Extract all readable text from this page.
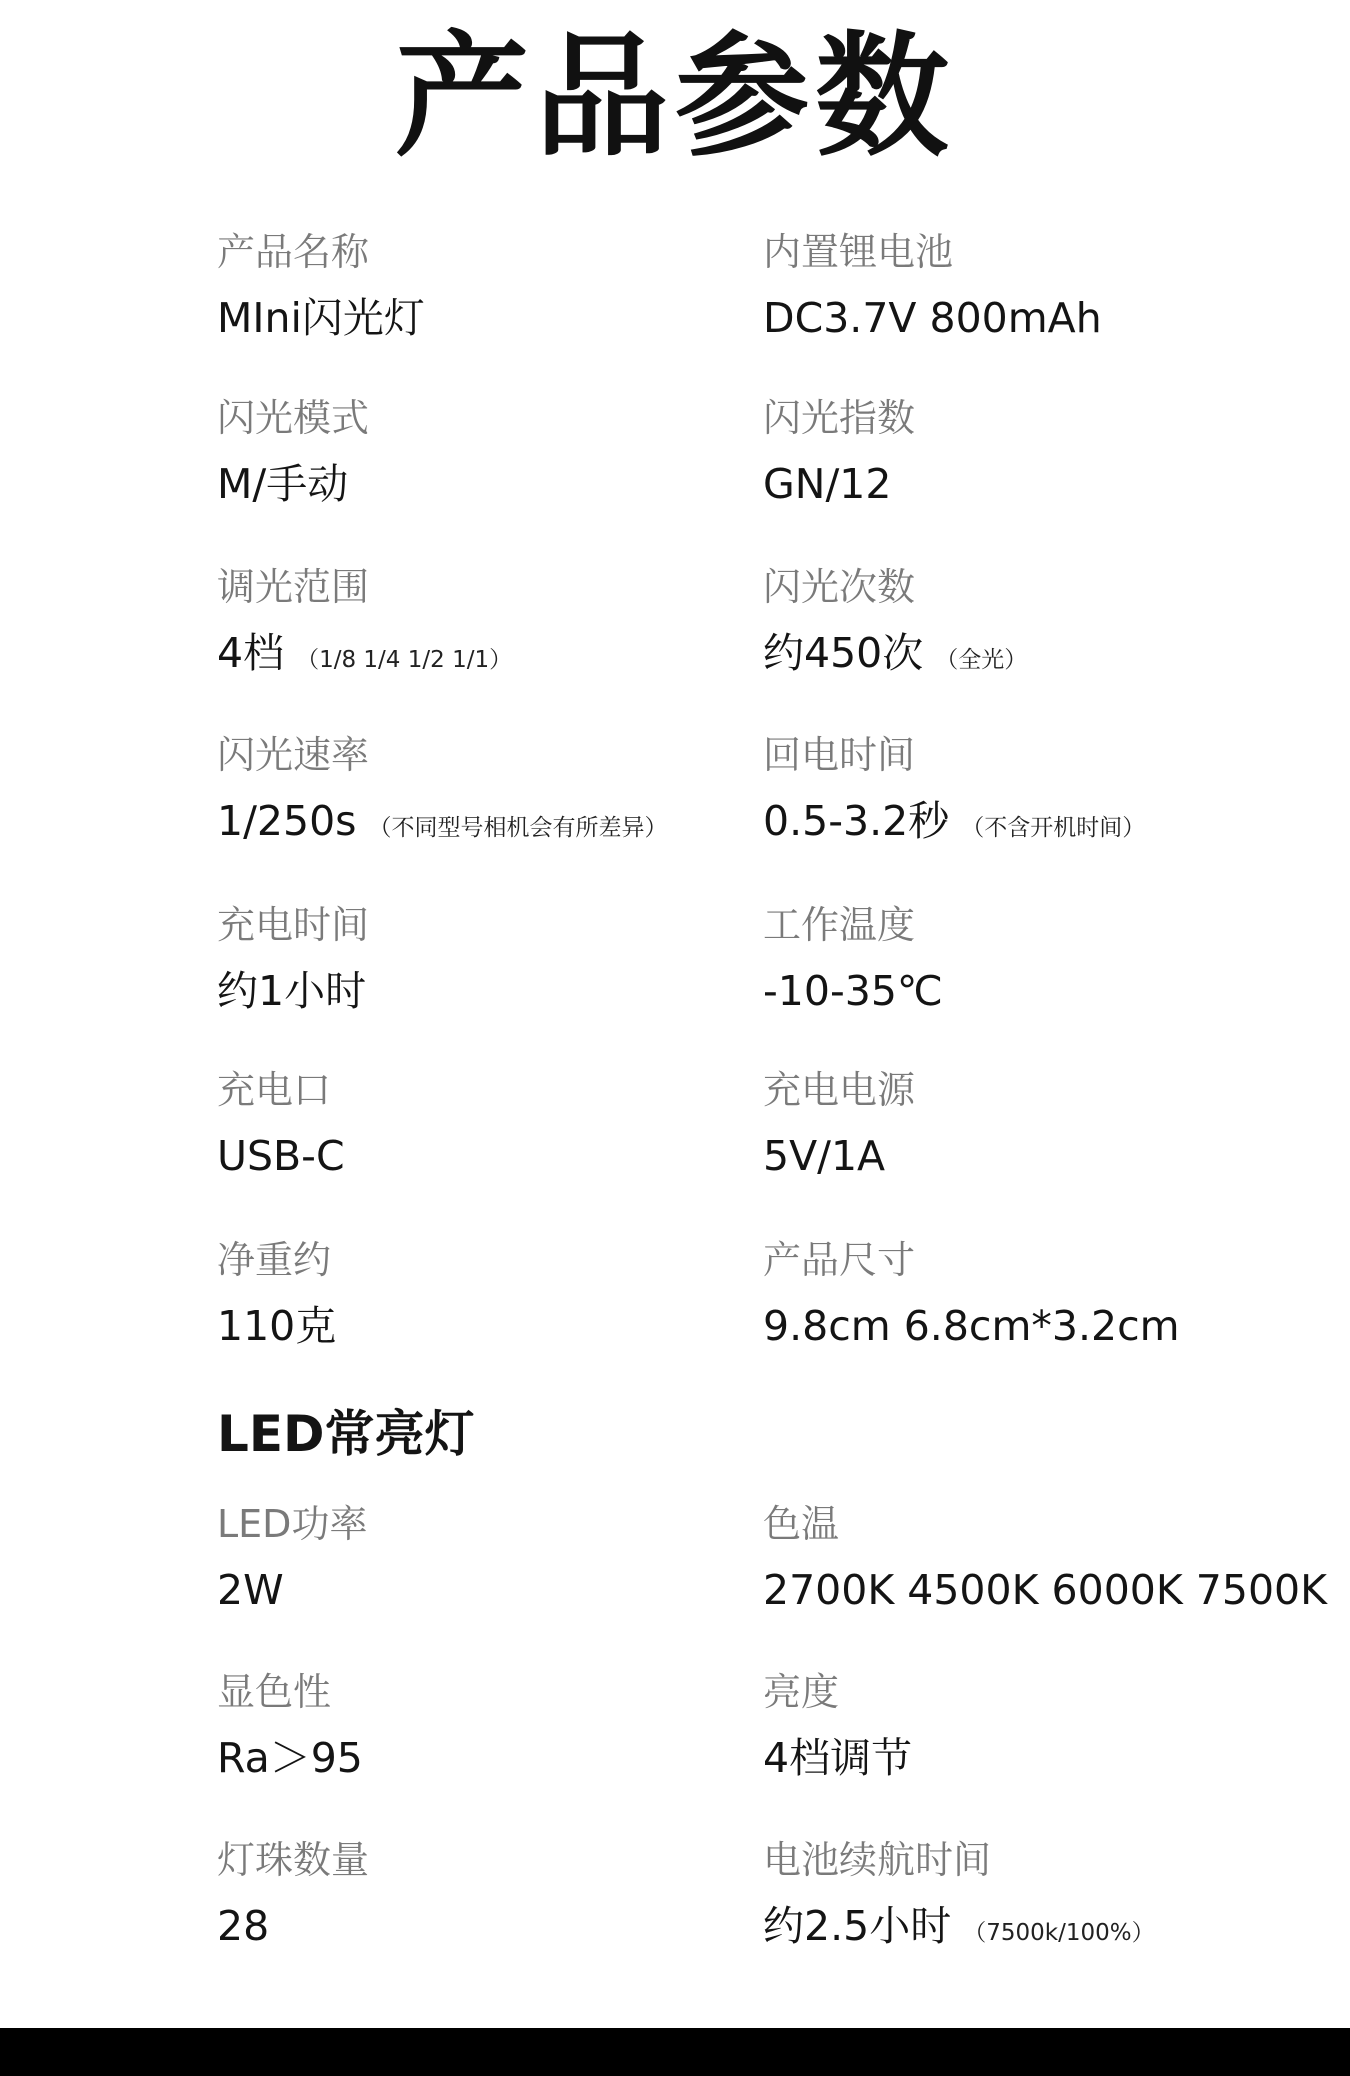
产品参数
产品名称
MIni闪光灯
内置锂电池
DC3.7V 800mAh
闪光模式
M/手动
闪光指数
GN/12
调光范围
4档 （1/8 1/4 1/2 1/1）
闪光次数
约450次 （全光）
闪光速率
1/250s （不同型号相机会有所差异）
回电时间
0.5-3.2秒 （不含开机时间）
充电时间
约1小时
工作温度
-10-35℃
充电口
USB-C
充电电源
5V/1A
净重约
110克
产品尺寸
9.8cm 6.8cm*3.2cm
LED常亮灯
LED功率
2W
色温
2700K 4500K 6000K 7500K
显色性
Ra＞95
亮度
4档调节
灯珠数量
28
电池续航时间
约2.5小时 （7500k/100%）
